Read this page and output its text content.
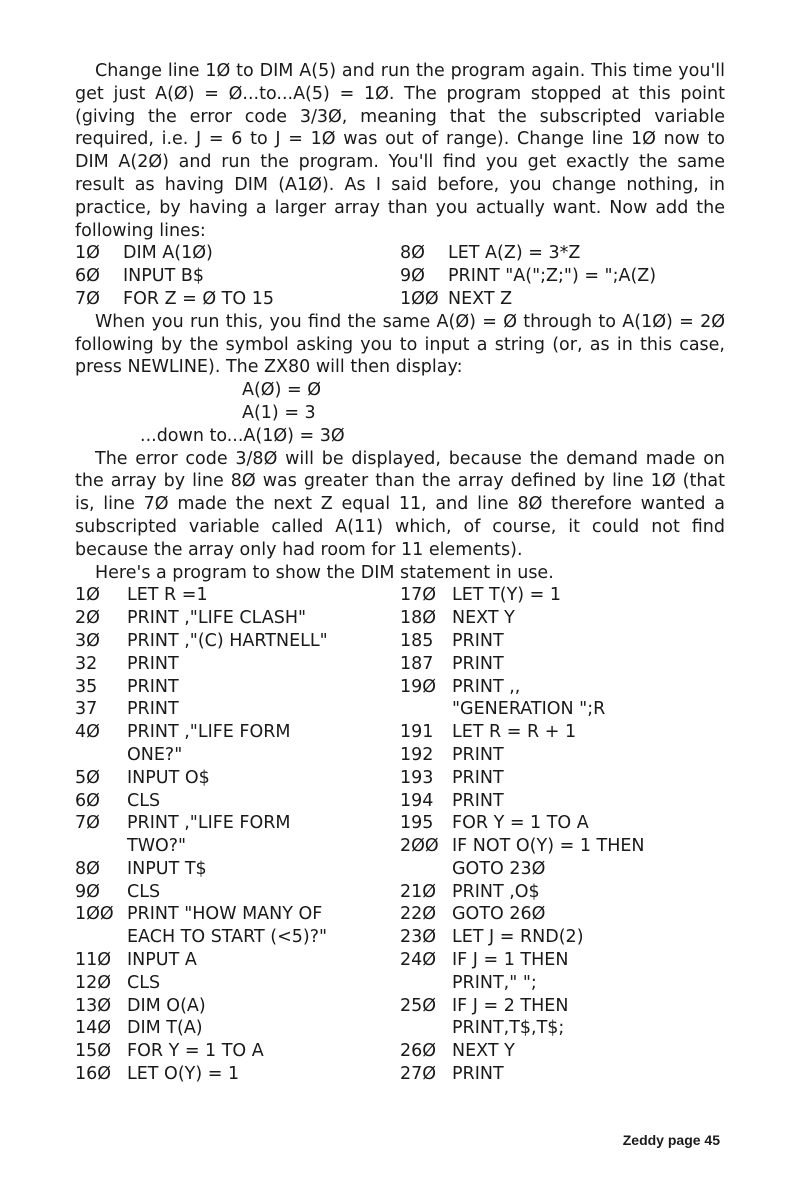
Change line 1Ø to DIM A(5) and run the program again. This time you'll get just A(Ø) = Ø...to...A(5) = 1Ø. The program stopped at this point (giving the error code 3/3Ø, meaning that the subscripted variable required, i.e. J = 6 to J = 1Ø was out of range). Change line 1Ø now to DIM A(2Ø) and run the program. You'll find you get exactly the same result as having DIM (A1Ø). As I said before, you change nothing, in practice, by having a larger array than you actually want. Now add the following lines:

1Ø	DIM A(1Ø)
6Ø	INPUT B$
7Ø	FOR Z = Ø TO 15
8Ø	LET A(Z) = 3*Z
9Ø	PRINT "A(";Z;") = ";A(Z)
1ØØ NEXT Z

When you run this, you find the same A(Ø) = Ø through to A(1Ø) = 2Ø following by the symbol asking you to input a string (or, as in this case, press NEWLINE). The ZX80 will then display:

A(Ø) = Ø
A(1) = 3
...down to...A(1Ø) = 3Ø

The error code 3/8Ø will be displayed, because the demand made on the array by line 8Ø was greater than the array defined by line 1Ø (that is, line 7Ø made the next Z equal 11, and line 8Ø therefore wanted a subscripted variable called A(11) which, of course, it could not find because the array only had room for 11 elements).

Here's a program to show the DIM statement in use.

1Ø	LET R =1
2Ø	PRINT ,"LIFE CLASH"
3Ø	PRINT ,"(C) HARTNELL"
32	PRINT
35	PRINT
37	PRINT
4Ø	PRINT ,"LIFE FORM
ONE?"
5Ø	INPUT O$
6Ø	CLS
7Ø	PRINT ,"LIFE FORM
TWO?"
8Ø	INPUT T$
9Ø	CLS
1ØØ PRINT "HOW MANY OF
EACH TO START (<5)?"
11Ø INPUT A
12Ø CLS
13Ø DIM O(A)
14Ø DIM T(A)
15Ø FOR Y = 1 TO A
16Ø LET O(Y) = 1
17Ø LET T(Y) = 1
18Ø NEXT Y
185	PRINT
187	PRINT
19Ø PRINT ,,
"GENERATION ";R
191	LET R = R + 1
192	PRINT
193	PRINT
194	PRINT
195	FOR Y = 1 TO A
2ØØ IF NOT O(Y) = 1 THEN
GOTO 23Ø
21Ø PRINT ,O$
22Ø GOTO 26Ø
23Ø LET J = RND(2)
24Ø IF J = 1 THEN
PRINT," ";
25Ø IF J = 2 THEN
PRINT,T$,T$;
26Ø NEXT Y
27Ø PRINT
Zeddy page 45
